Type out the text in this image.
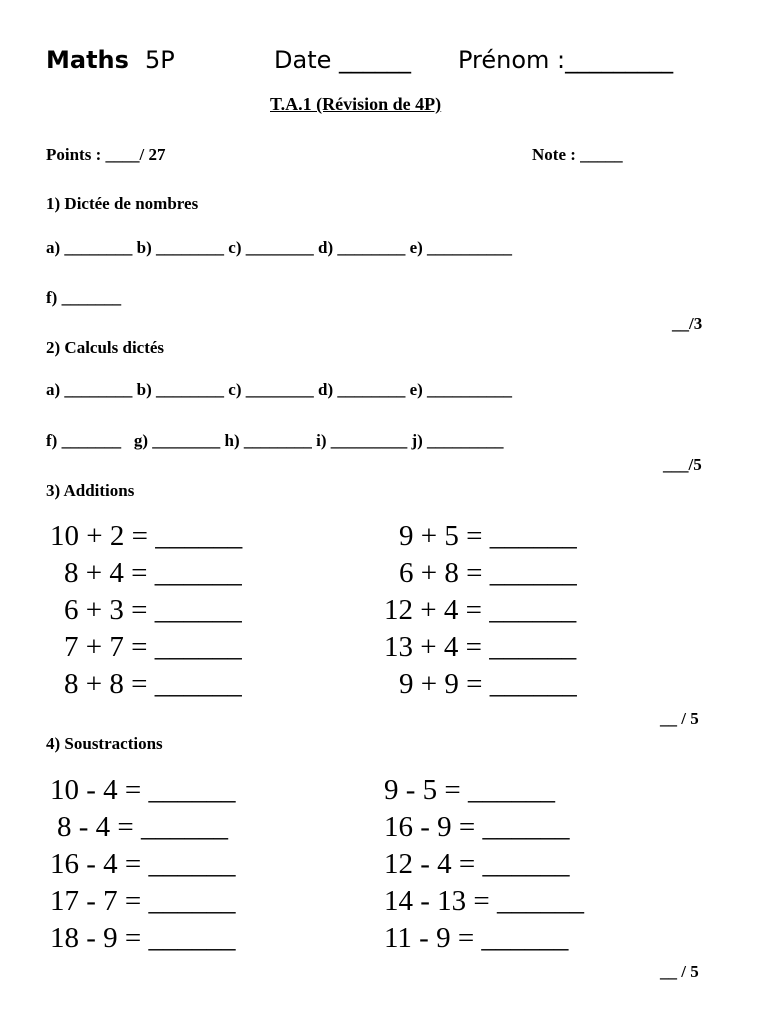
Maths 5P	Date ______ Prénom :_________
T.A.1 (Révision de 4P)
Points : ____/ 27	Note : _____
1) Dictée de nombres
a) ________ b) ________ c) ________ d) ________ e) __________
f) _______
__/3
2) Calculs dictés
a) ________ b) ________ c) ________ d) ________ e) __________
f) _______   g) ________ h) ________ i) _________ j) _________
___/5
3) Additions
10 + 2 = ______
8 + 4 = ______
6 + 3 = ______
7 + 7 = ______
8 + 8 = ______
9 + 5 = ______
6 + 8 = ______
12 + 4 = ______
13 + 4 = ______
9 + 9 = ______
__ / 5
4) Soustractions
10 - 4 = ______
8 - 4 = ______
16 - 4 = ______
17 - 7 = ______
18 - 9 = ______
9 - 5 = ______
16 - 9 = ______
12 - 4 = ______
14 - 13 = ______
11 - 9 = ______
__ / 5
